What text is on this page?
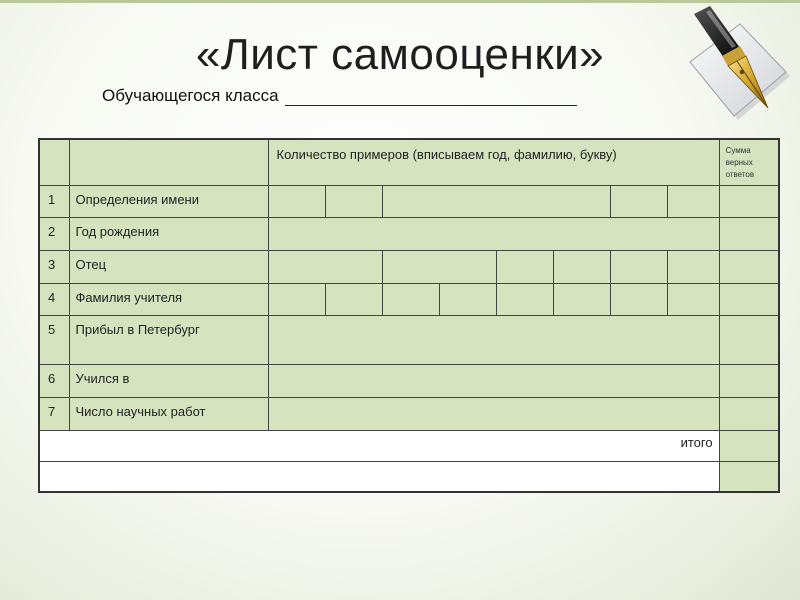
«Лист самооценки»
Обучающегося класса

		Количество примеров (вписываем год, фамилию, букву)								Сумма верных ответов

1	Определения имени									

2	Год рождения									

3	Отец									

4	Фамилия учителя									

5	Прибыл в Петербург									

6	Учился в									

7	Число научных работ									

итого										
